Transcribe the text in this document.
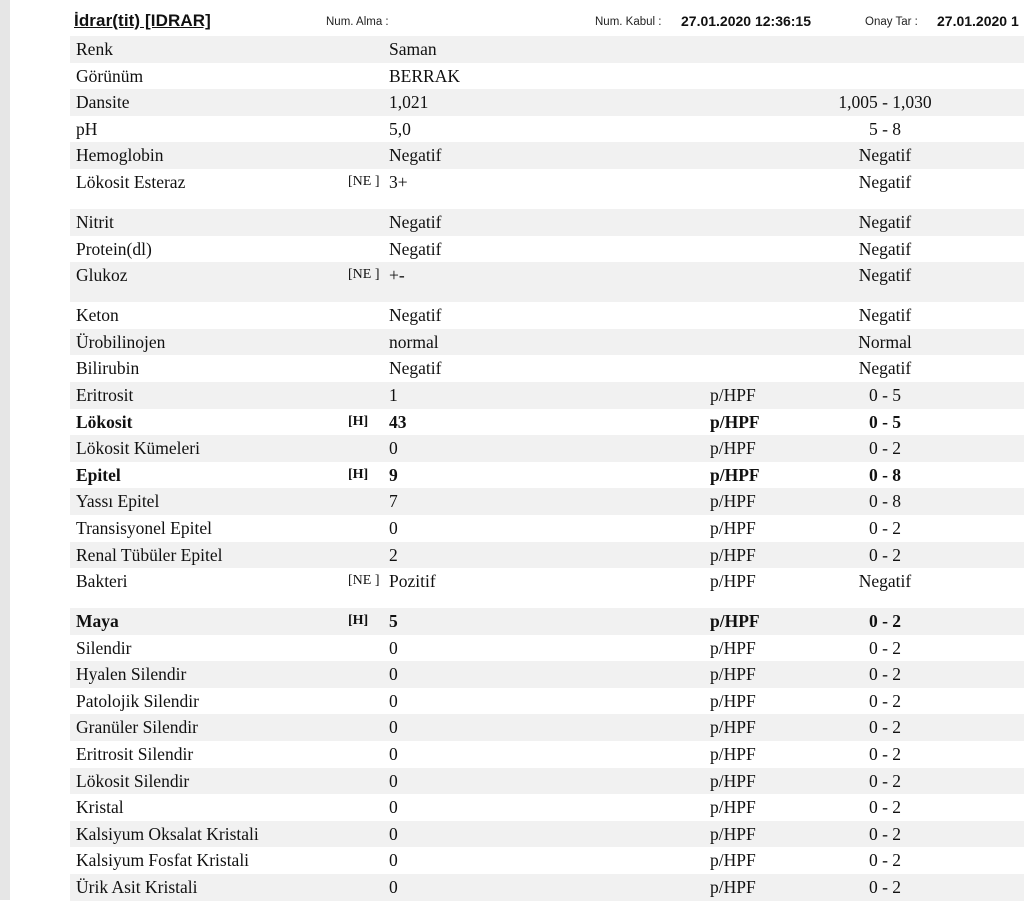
İdrar(tit) [IDRAR]	Num. Alma :	Num. Kabul : 27.01.2020 12:36:15	Onay Tar : 27.01.2020 1
Renk	Saman
Görünüm	BERRAK
Dansite	1,021	1,005 - 1,030
pH	5,0	5 - 8
Hemoglobin	Negatif	Negatif
Lökosit Esteraz	[NE ] 3+	Negatif
Nitrit	Negatif	Negatif
Protein(dl)	Negatif	Negatif
Glukoz	[NE ] +-	Negatif
Keton	Negatif	Negatif
Ürobilinojen	normal	Normal
Bilirubin	Negatif	Negatif
Eritrosit	1	p/HPF	0 - 5
Lökosit	[H]	43	p/HPF	0 - 5
Lökosit Kümeleri	0	p/HPF	0 - 2
Epitel	[H]	9	p/HPF	0 - 8
Yassı Epitel	7	p/HPF	0 - 8
Transisyonel Epitel	0	p/HPF	0 - 2
Renal Tübüler Epitel	2	p/HPF	0 - 2
Bakteri	[NE ] Pozitif	p/HPF	Negatif
Maya	[H]	5	p/HPF	0 - 2
Silendir	0	p/HPF	0 - 2
Hyalen Silendir	0	p/HPF	0 - 2
Patolojik Silendir	0	p/HPF	0 - 2
Granüler Silendir	0	p/HPF	0 - 2
Eritrosit Silendir	0	p/HPF	0 - 2
Lökosit Silendir	0	p/HPF	0 - 2
Kristal	0	p/HPF	0 - 2
Kalsiyum Oksalat Kristali	0	p/HPF	0 - 2
Kalsiyum Fosfat Kristali	0	p/HPF	0 - 2
Ürik Asit Kristali	0	p/HPF	0 - 2
